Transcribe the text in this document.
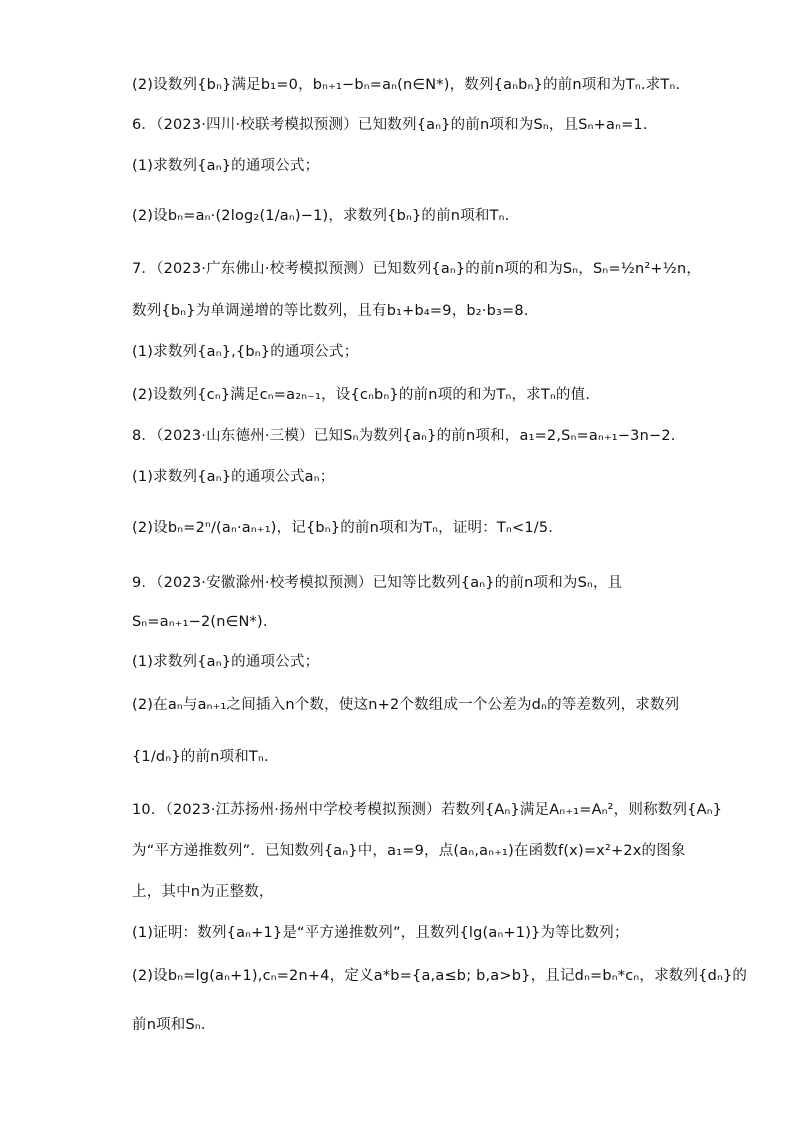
(2)设数列{bₙ}满足b₁=0，bₙ₊₁−bₙ=aₙ(n∈N*)，数列{aₙbₙ}的前n项和为Tₙ.求Tₙ.
6．（2023·四川·校联考模拟预测）已知数列{aₙ}的前n项和为Sₙ，且Sₙ+aₙ=1.
(1)求数列{aₙ}的通项公式；
(2)设bₙ=aₙ·(2log₂(1/aₙ)−1)，求数列{bₙ}的前n项和Tₙ.
7．（2023·广东佛山·校考模拟预测）已知数列{aₙ}的前n项的和为Sₙ，Sₙ=½n²+½n，
数列{bₙ}为单调递增的等比数列，且有b₁+b₄=9，b₂·b₃=8.
(1)求数列{aₙ},{bₙ}的通项公式；
(2)设数列{cₙ}满足cₙ=a₂ₙ₋₁，设{cₙbₙ}的前n项的和为Tₙ，求Tₙ的值.
8．（2023·山东德州·三模）已知Sₙ为数列{aₙ}的前n项和，a₁=2,Sₙ=aₙ₊₁−3n−2.
(1)求数列{aₙ}的通项公式aₙ；
(2)设bₙ=2ⁿ/(aₙ·aₙ₊₁)，记{bₙ}的前n项和为Tₙ，证明：Tₙ<1/5.
9．（2023·安徽滁州·校考模拟预测）已知等比数列{aₙ}的前n项和为Sₙ，且
Sₙ=aₙ₊₁−2(n∈N*).
(1)求数列{aₙ}的通项公式；
(2)在aₙ与aₙ₊₁之间插入n个数，使这n+2个数组成一个公差为dₙ的等差数列，求数列
{1/dₙ}的前n项和Tₙ.
10．（2023·江苏扬州·扬州中学校考模拟预测）若数列{Aₙ}满足Aₙ₊₁=Aₙ²，则称数列{Aₙ}
为“平方递推数列”．已知数列{aₙ}中，a₁=9，点(aₙ,aₙ₊₁)在函数f(x)=x²+2x的图象
上，其中n为正整数，
(1)证明：数列{aₙ+1}是“平方递推数列”，且数列{lg(aₙ+1)}为等比数列；
(2)设bₙ=lg(aₙ+1),cₙ=2n+4，定义a*b={a,a≤b; b,a>b}，且记dₙ=bₙ*cₙ，求数列{dₙ}的
前n项和Sₙ.
